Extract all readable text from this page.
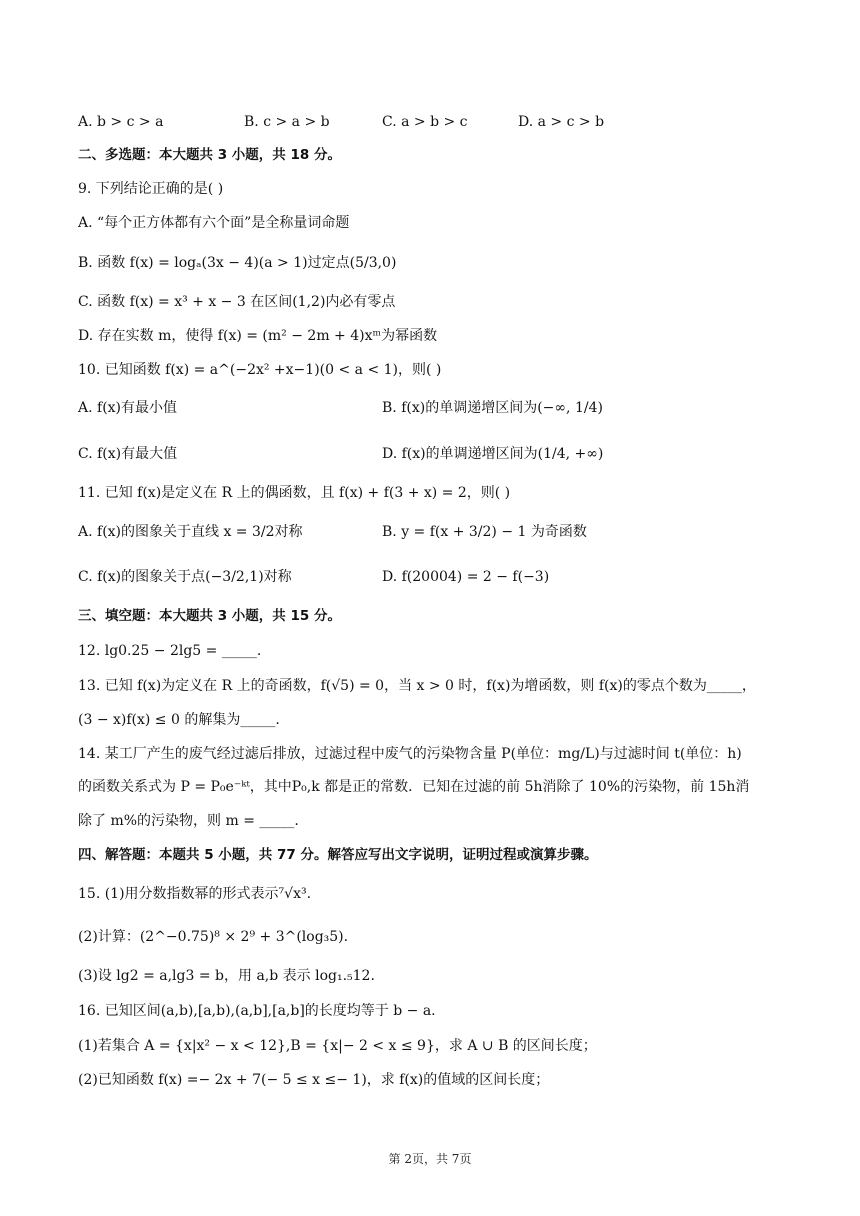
A. b > c > a	B. c > a > b	C. a > b > c	D. a > c > b
二、多选题：本大题共 3 小题，共 18 分。
9. 下列结论正确的是( )
A. “每个正方体都有六个面”是全称量词命题
B. 函数 f(x) = logₐ(3x − 4)(a > 1)过定点(5/3,0)
C. 函数 f(x) = x³ + x − 3 在区间(1,2)内必有零点
D. 存在实数 m，使得 f(x) = (m² − 2m + 4)xᵐ为幂函数
10. 已知函数 f(x) = a^(−2x² +x−1)(0 < a < 1)，则( )
A. f(x)有最小值	B. f(x)的单调递增区间为(−∞, 1/4)
C. f(x)有最大值	D. f(x)的单调递增区间为(1/4, +∞)
11. 已知 f(x)是定义在 R 上的偶函数，且 f(x) + f(3 + x) = 2，则( )
A. f(x)的图象关于直线 x = 3/2对称	B. y = f(x + 3/2) − 1 为奇函数
C. f(x)的图象关于点(−3/2,1)对称	D. f(20004) = 2 − f(−3)
三、填空题：本大题共 3 小题，共 15 分。
12. lg0.25 − 2lg5 = _____.
13. 已知 f(x)为定义在 R 上的奇函数，f(√5) = 0，当 x > 0 时，f(x)为增函数，则 f(x)的零点个数为_____，
(3 − x)f(x) ≤ 0 的解集为_____.
14. 某工厂产生的废气经过滤后排放，过滤过程中废气的污染物含量 P(单位：mg/L)与过滤时间 t(单位：h)
的函数关系式为 P = P₀e⁻ᵏᵗ，其中P₀,k 都是正的常数．已知在过滤的前 5h消除了 10%的污染物，前 15h消
除了 m%的污染物，则 m = _____.
四、解答题：本题共 5 小题，共 77 分。解答应写出文字说明，证明过程或演算步骤。
15. (1)用分数指数幂的形式表示⁷√x³.
(2)计算：(2^−0.75)⁸ × 2⁹ + 3^(log₃5).
(3)设 lg2 = a,lg3 = b，用 a,b 表示 log₁.₅12.
16. 已知区间(a,b),[a,b),(a,b],[a,b]的长度均等于 b − a.
(1)若集合 A = {x|x² − x < 12},B = {x|− 2 < x ≤ 9}，求 A ∪ B 的区间长度；
(2)已知函数 f(x) =− 2x + 7(− 5 ≤ x ≤− 1)，求 f(x)的值域的区间长度；
第 2页，共 7页
